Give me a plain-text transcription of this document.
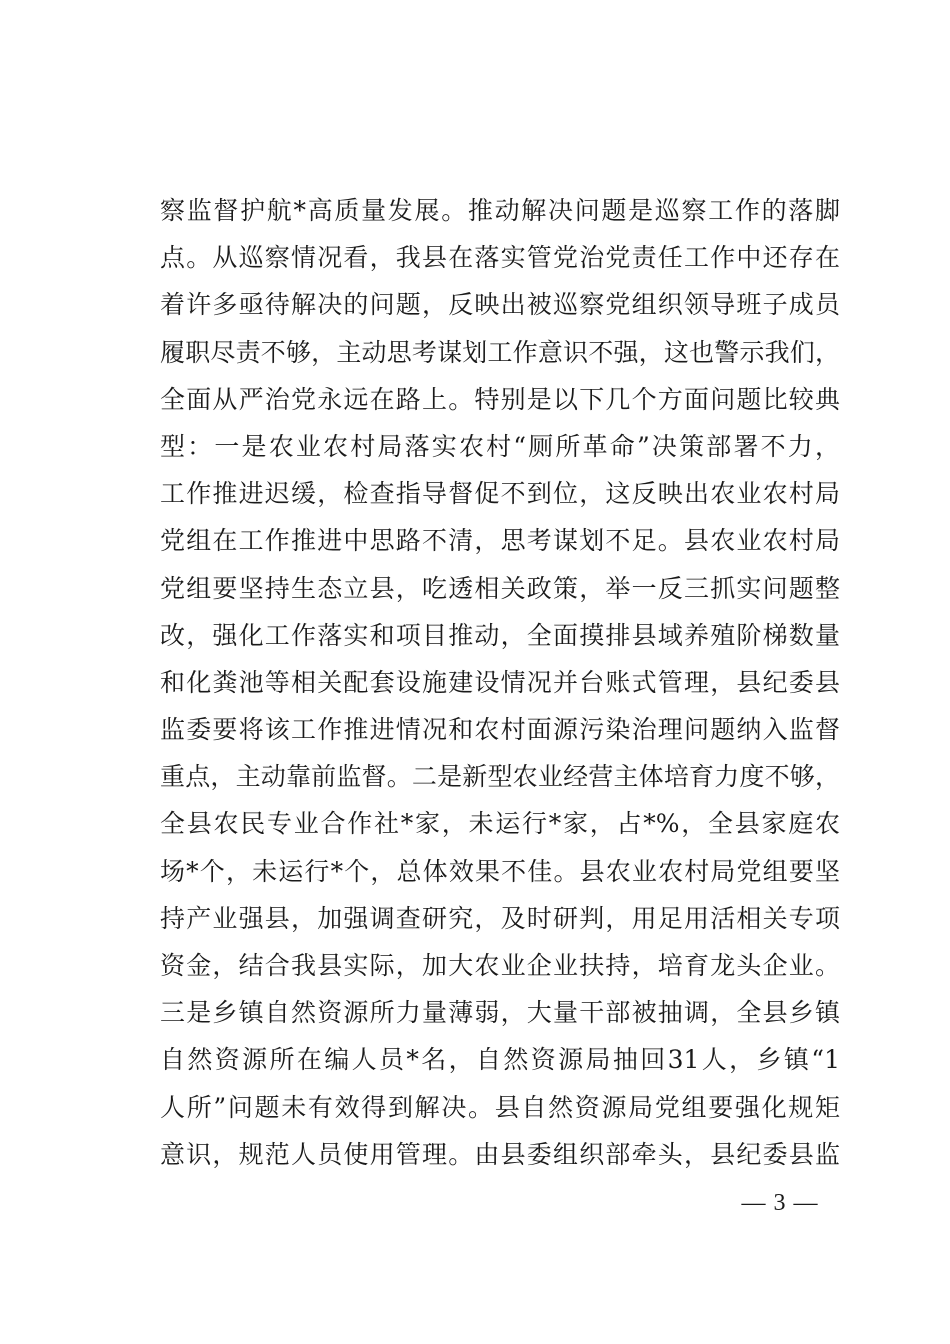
察监督护航*高质量发展。推动解决问题是巡察工作的落脚
点。从巡察情况看，我县在落实管党治党责任工作中还存在
着许多亟待解决的问题，反映出被巡察党组织领导班子成员
履职尽责不够，主动思考谋划工作意识不强，这也警示我们，
全面从严治党永远在路上。特别是以下几个方面问题比较典
型：一是农业农村局落实农村“厕所革命”决策部署不力，
工作推进迟缓，检查指导督促不到位，这反映出农业农村局
党组在工作推进中思路不清，思考谋划不足。县农业农村局
党组要坚持生态立县，吃透相关政策，举一反三抓实问题整
改，强化工作落实和项目推动，全面摸排县域养殖阶梯数量
和化粪池等相关配套设施建设情况并台账式管理，县纪委县
监委要将该工作推进情况和农村面源污染治理问题纳入监督
重点，主动靠前监督。二是新型农业经营主体培育力度不够，
全县农民专业合作社*家，未运行*家，占*%，全县家庭农
场*个，未运行*个，总体效果不佳。县农业农村局党组要坚
持产业强县，加强调查研究，及时研判，用足用活相关专项
资金，结合我县实际，加大农业企业扶持，培育龙头企业。
三是乡镇自然资源所力量薄弱，大量干部被抽调，全县乡镇
自然资源所在编人员*名，自然资源局抽回31人，乡镇“1
人所”问题未有效得到解决。县自然资源局党组要强化规矩
意识，规范人员使用管理。由县委组织部牵头，县纪委县监
— 3 —
